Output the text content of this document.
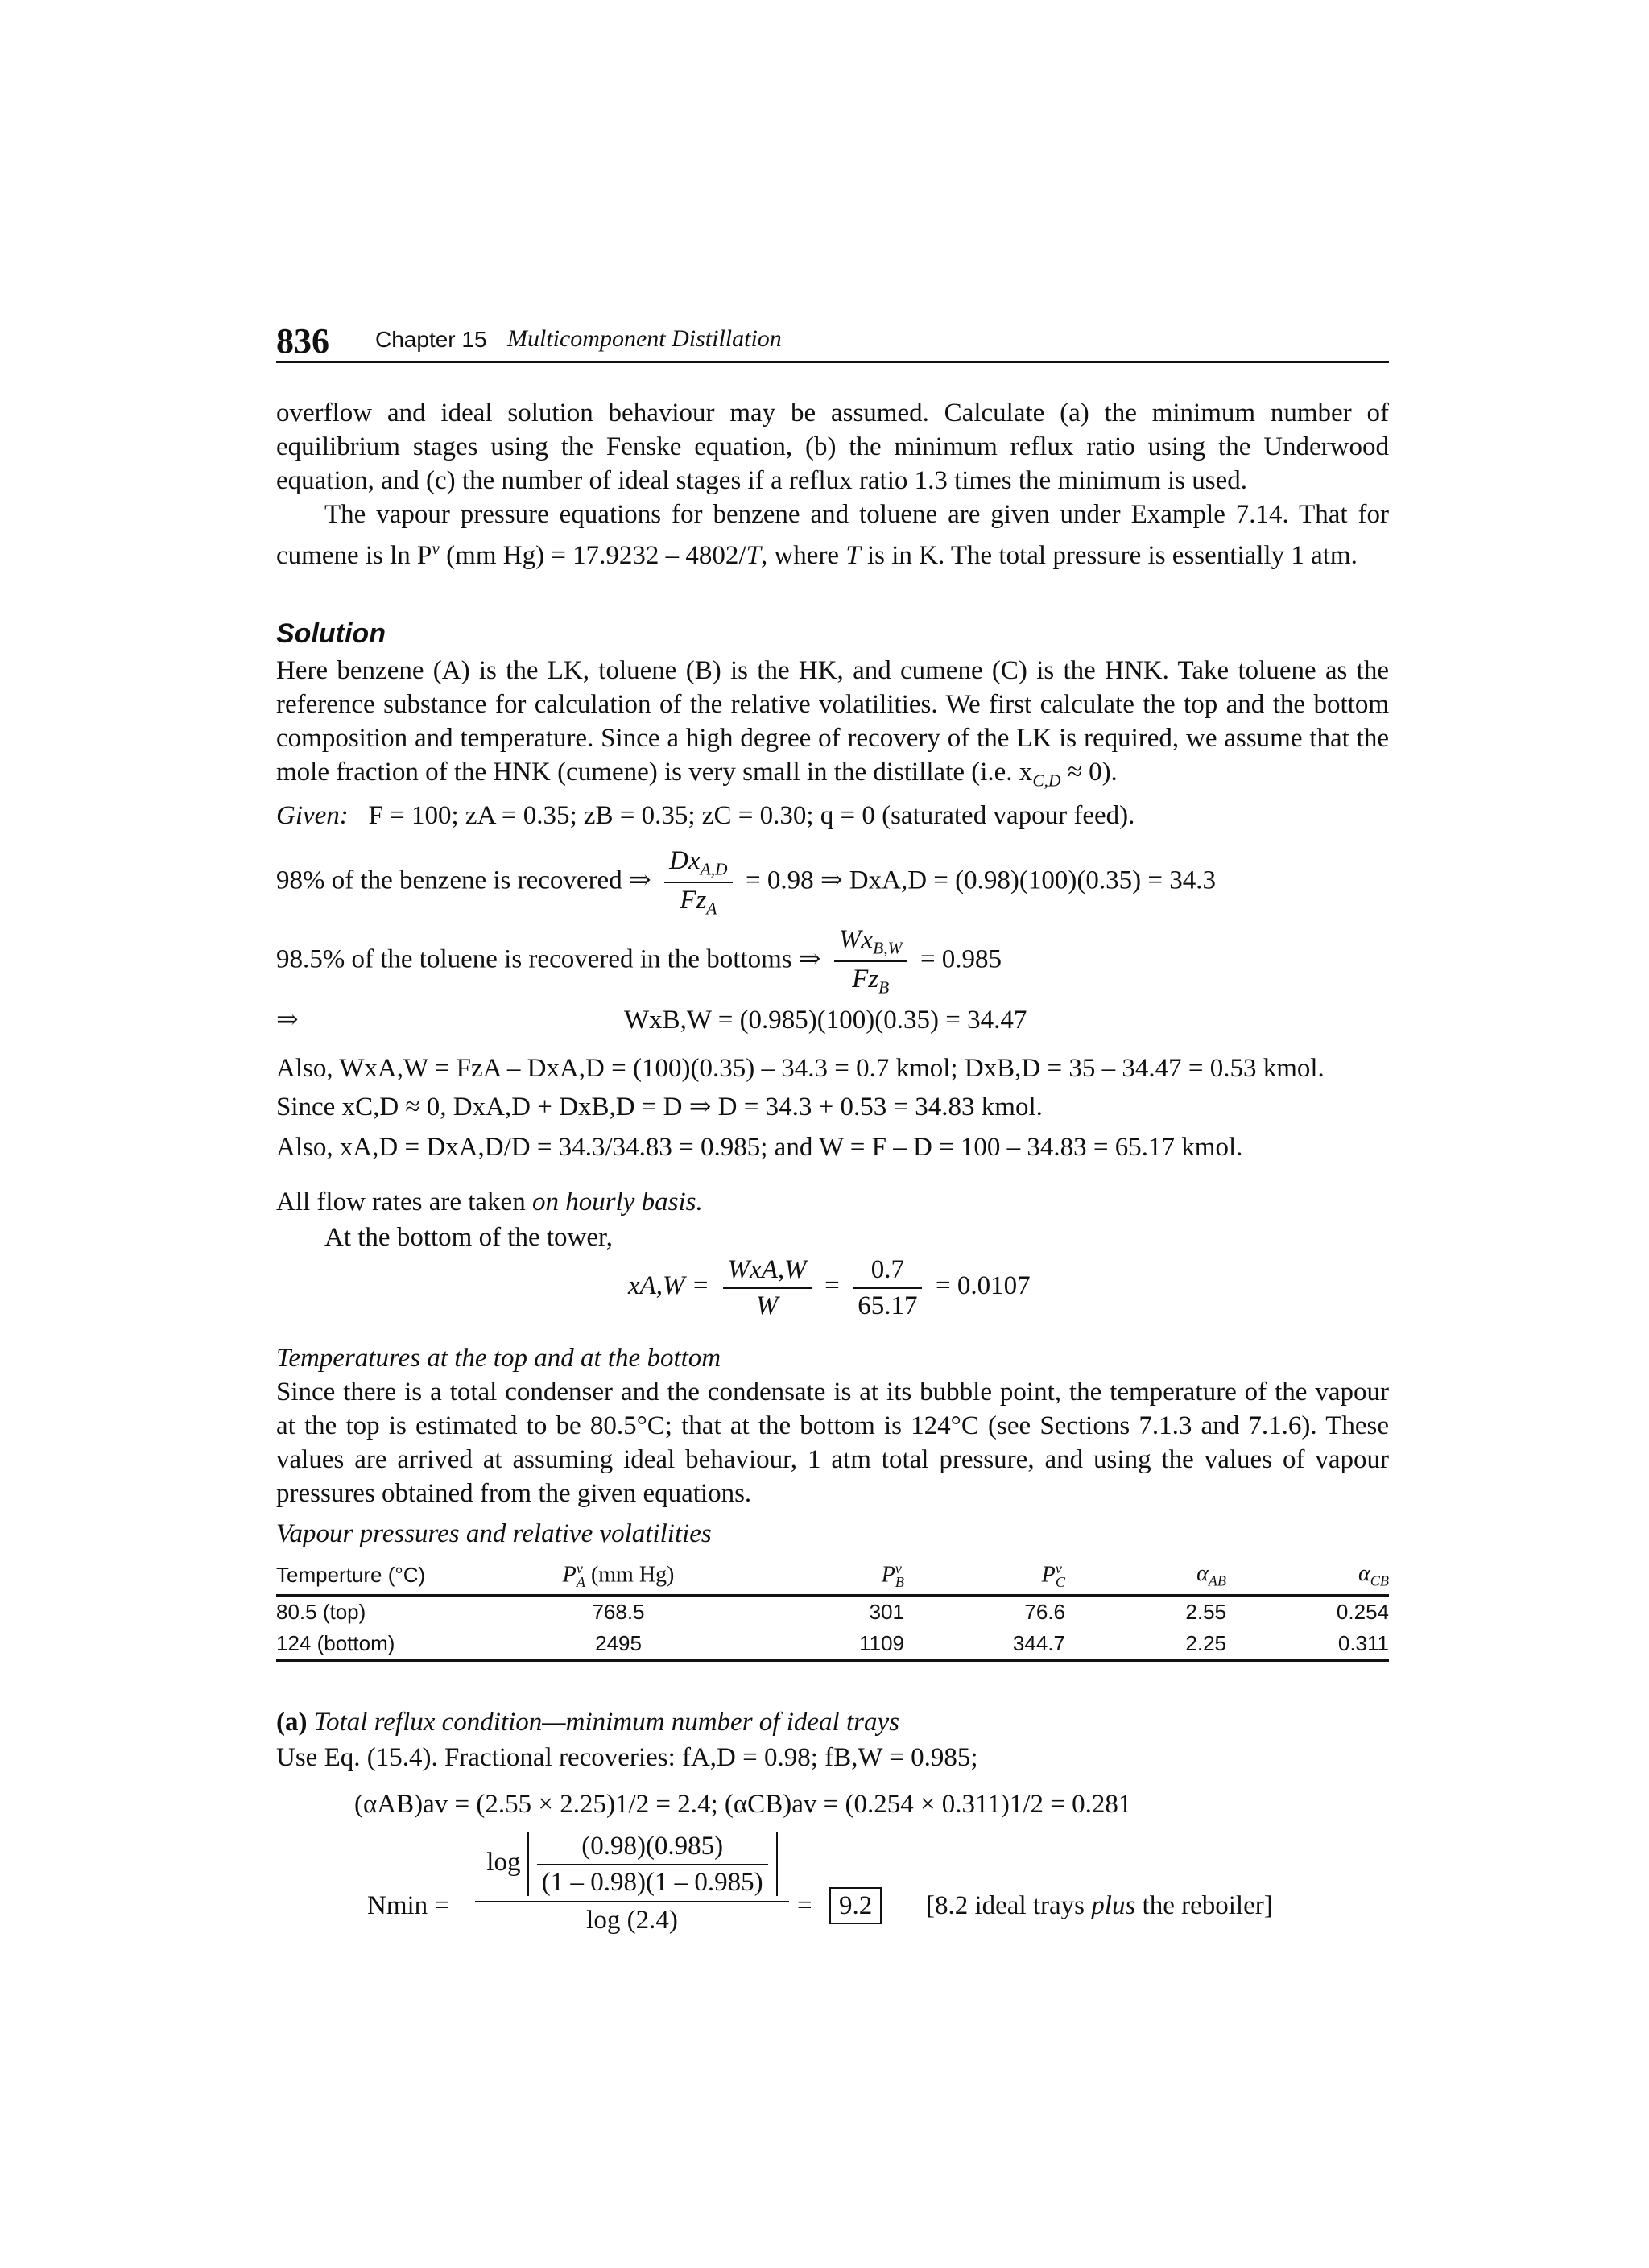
836 Chapter 15 Multicomponent Distillation
overflow and ideal solution behaviour may be assumed. Calculate (a) the minimum number of equilibrium stages using the Fenske equation, (b) the minimum reflux ratio using the Underwood equation, and (c) the number of ideal stages if a reflux ratio 1.3 times the minimum is used.
The vapour pressure equations for benzene and toluene are given under Example 7.14. That for cumene is $\ln P^v$ (mm Hg) = 17.9232 – 4802/T, where T is in K. The total pressure is essentially 1 atm.
Solution
Here benzene (A) is the LK, toluene (B) is the HK, and cumene (C) is the HNK. Take toluene as the reference substance for calculation of the relative volatilities. We first calculate the top and the bottom composition and temperature. Since a high degree of recovery of the LK is required, we assume that the mole fraction of the HNK (cumene) is very small in the distillate (i.e. $x_{C,D} \approx 0$).
Given: F = 100; zA = 0.35; zB = 0.35; zC = 0.30; q = 0 (saturated vapour feed).
98% of the benzene is recovered ⇒ $\frac{Dx_{A,D}}{Fz_A} = 0.98$ ⇒ DxA,D = (0.98)(100)(0.35) = 34.3
98.5% of the toluene is recovered in the bottoms ⇒ $\frac{Wx_{B,W}}{Fz_B} = 0.985$
⇒	WxB,W = (0.985)(100)(0.35) = 34.47
Also, WxA,W = FzA – DxA,D = (100)(0.35) – 34.3 = 0.7 kmol; DxB,D = 35 – 34.47 = 0.53 kmol.
Since xC,D ≈ 0, DxA,D + DxB,D = D ⇒ D = 34.3 + 0.53 = 34.83 kmol.
Also, xA,D = DxA,D/D = 34.3/34.83 = 0.985; and W = F – D = 100 – 34.83 = 65.17 kmol.
All flow rates are taken on hourly basis.
At the bottom of the tower,
$xA,W = \frac{\text{WxA,W}}{W} = \frac{0.7}{65.17} = 0.0107$
Temperatures at the top and at the bottom
Since there is a total condenser and the condensate is at its bubble point, the temperature of the vapour at the top is estimated to be 80.5°C; that at the bottom is 124°C (see Sections 7.1.3 and 7.1.6). These values are arrived at assuming ideal behaviour, 1 atm total pressure, and using the values of vapour pressures obtained from the given equations.
Vapour pressures and relative volatilities
Temperture (°C)	$P^v_A$ (mm Hg)	$P^v_B$	$P^v_C$	$\alpha_{AB}$	$\alpha_{CB}$
80.5 (top)	768.5	301	76.6	2.55	0.254
124 (bottom)	2495	1109	344.7	2.25	0.311
(a) Total reflux condition—minimum number of ideal trays
Use Eq. (15.4). Fractional recoveries: fA,D = 0.98; fB,W = 0.985;
(αAB)av = (2.55 × 2.25)1/2 = 2.4; (αCB)av = (0.254 × 0.311)1/2 = 0.281
Nmin =
$\log \frac{(0.98)(0.985)}{(1 - 0.98)(1 - 0.985)}$
log (2.4)
=	9.2	[8.2 ideal trays plus the reboiler]
